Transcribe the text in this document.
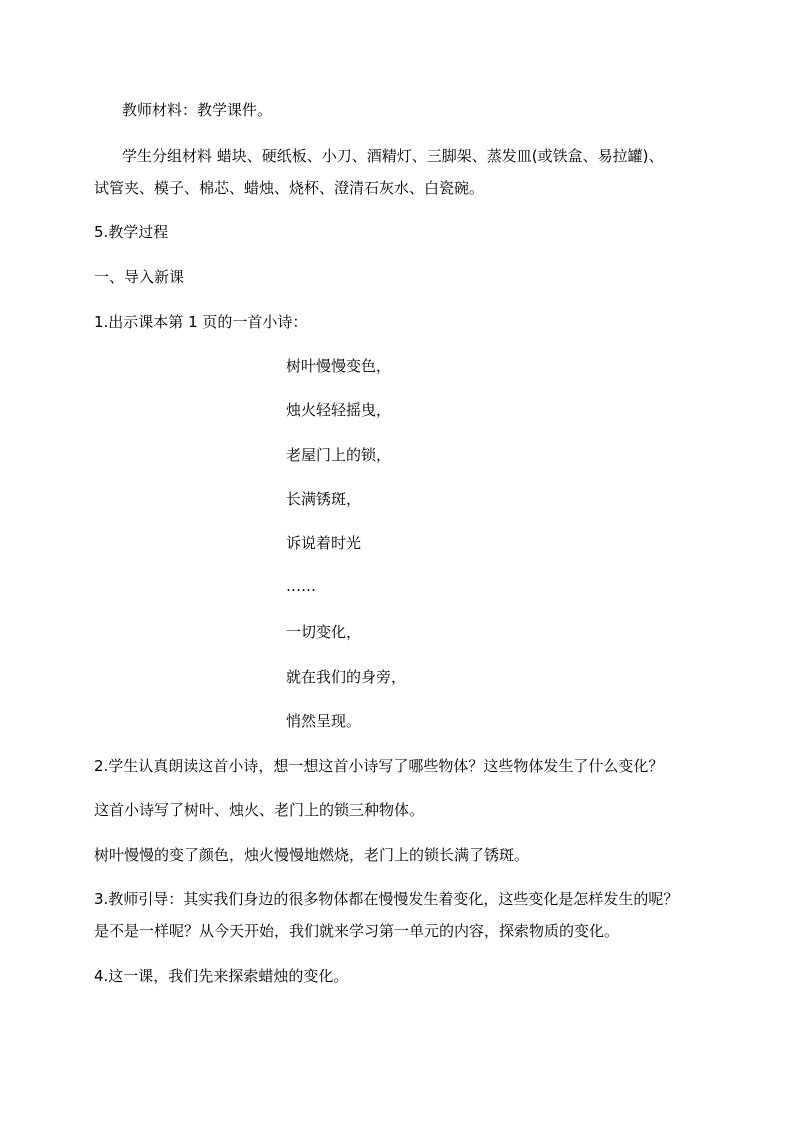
教师材料：教学课件。
学生分组材料 蜡块、硬纸板、小刀、酒精灯、三脚架、蒸发皿(或铁盒、易拉罐)、
试管夹、模子、棉芯、蜡烛、烧杯、澄清石灰水、白瓷碗。
5.教学过程
一、导入新课
1.出示课本第 1 页的一首小诗：
树叶慢慢变色，
烛火轻轻摇曳，
老屋门上的锁，
长满锈斑，
诉说着时光
……
一切变化，
就在我们的身旁，
悄然呈现。
2.学生认真朗读这首小诗，想一想这首小诗写了哪些物体？这些物体发生了什么变化？
这首小诗写了树叶、烛火、老门上的锁三种物体。
树叶慢慢的变了颜色，烛火慢慢地燃烧，老门上的锁长满了锈斑。
3.教师引导：其实我们身边的很多物体都在慢慢发生着变化，这些变化是怎样发生的呢？
是不是一样呢？从今天开始，我们就来学习第一单元的内容，探索物质的变化。
4.这一课，我们先来探索蜡烛的变化。
